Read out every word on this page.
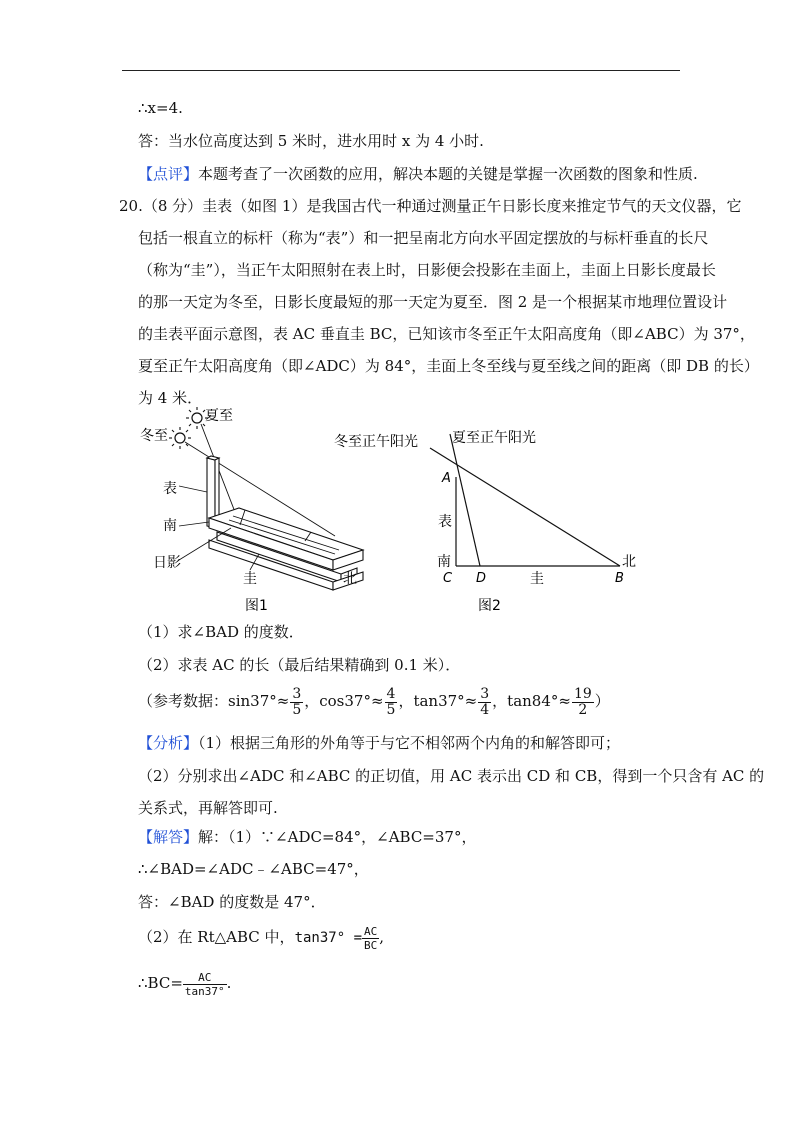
∴x=4.
答：当水位高度达到 5 米时，进水用时 x 为 4 小时.
【点评】本题考查了一次函数的应用，解决本题的关键是掌握一次函数的图象和性质.
20.（8 分）圭表（如图 1）是我国古代一种通过测量正午日影长度来推定节气的天文仪器，它
包括一根直立的标杆（称为“表”）和一把呈南北方向水平固定摆放的与标杆垂直的长尺
（称为“圭”），当正午太阳照射在表上时，日影便会投影在圭面上，圭面上日影长度最长
的那一天定为冬至，日影长度最短的那一天定为夏至．图 2 是一个根据某市地理位置设计
的圭表平面示意图，表 AC 垂直圭 BC，已知该市冬至正午太阳高度角（即∠ABC）为 37°，
夏至正午太阳高度角（即∠ADC）为 84°，圭面上冬至线与夏至线之间的距离（即 DB 的长）
为 4 米．
夏至
冬至
表
南
日影
圭	北
图1
冬至正午阳光 夏至正午阳光
A
表
南
C D	圭	B
北
图2
（1）求∠BAD 的度数．
（2）求表 AC 的长（最后结果精确到 0.1 米）．
（参考数据：$\sin 37^\circ\approx \frac{3}{5}$ ，$\cos 37^\circ\approx \frac{4}{5}$ ，$\tan 37^\circ\approx \frac{3}{4}$ ，$\tan 84^\circ\approx \frac{19}{2}$ ）
【分析】（1）根据三角形的外角等于与它不相邻两个内角的和解答即可；
（2）分别求出∠ADC 和∠ABC 的正切值，用 AC 表示出 CD 和 CB，得到一个只含有 AC 的
关系式，再解答即可.
【解答】解：（1）∵∠ADC=84°，∠ABC=37°，
∴∠BAD=∠ADC﹣∠ABC=47°，
答：∠BAD 的度数是 47°．
（2）在 Rt△ABC 中，$\tan 37^\circ = \frac{AC}{BC}$ ,
∴BC= $\frac{AC}{\tan 37^\circ}$ .
